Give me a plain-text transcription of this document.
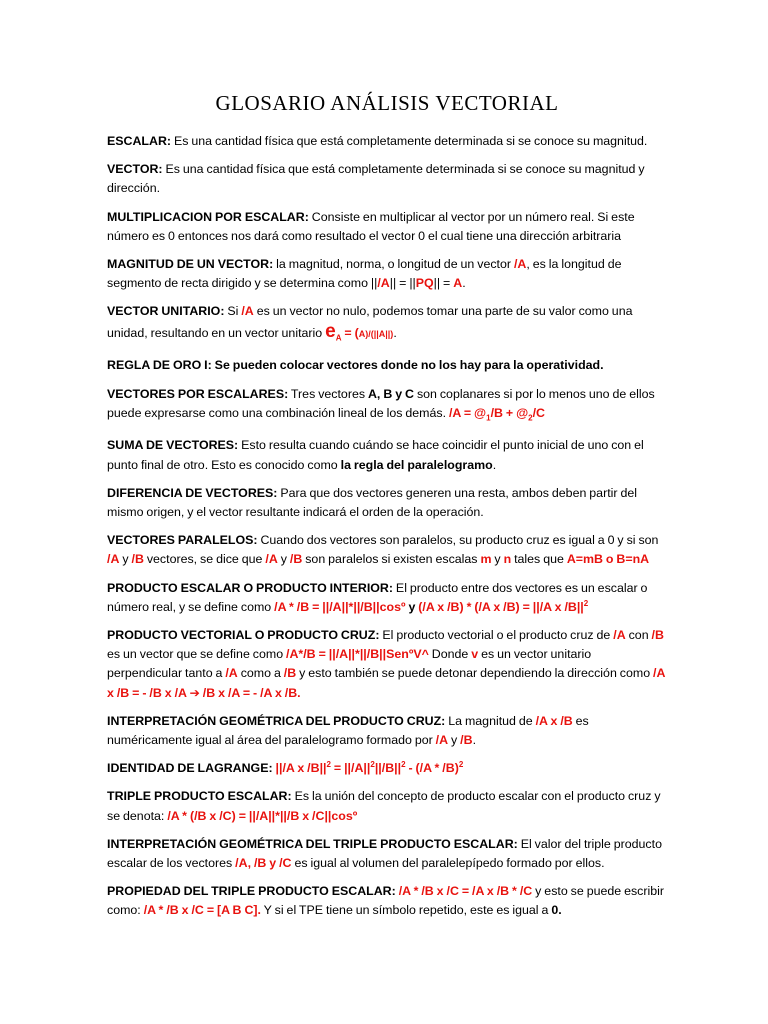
GLOSARIO ANÁLISIS VECTORIAL

ESCALAR: Es una cantidad física que está completamente determinada si se conoce su magnitud.

VECTOR: Es una cantidad física que está completamente determinada si se conoce su magnitud y dirección.

MULTIPLICACION POR ESCALAR: Consiste en multiplicar al vector por un número real. Si este número es 0 entonces nos dará como resultado el vector 0 el cual tiene una dirección arbitraria

MAGNITUD DE UN VECTOR: la magnitud, norma, o longitud de un vector /A, es la longitud de segmento de recta dirigido y se determina como ||/A|| = ||PQ|| = A.

VECTOR UNITARIO: Si /A es un vector no nulo, podemos tomar una parte de su valor como una unidad, resultando en un vector unitario $e_A = (A)/(||A||)$.

REGLA DE ORO I: Se pueden colocar vectores donde no los hay para la operatividad.

VECTORES POR ESCALARES: Tres vectores A, B y C son coplanares si por lo menos uno de ellos puede expresarse como una combinación lineal de los demás. $/A = @_1/B$ + $@_2/C$

SUMA DE VECTORES: Esto resulta cuando cuándo se hace coincidir el punto inicial de uno con el punto final de otro. Esto es conocido como la regla del paralelogramo.

DIFERENCIA DE VECTORES: Para que dos vectores generen una resta, ambos deben partir del mismo origen, y el vector resultante indicará el orden de la operación.

VECTORES PARALELOS: Cuando dos vectores son paralelos, su producto cruz es igual a 0 y si son /A y /B vectores, se dice que /A y /B son paralelos si existen escalas m y n tales que A=mB o B=nA

PRODUCTO ESCALAR O PRODUCTO INTERIOR: El producto entre dos vectores es un escalar o número real, y se define como /A * /B = ||/A||*||/B||cosº y (/A x /B) * (/A x /B) = ||/A x $/B||^2$

PRODUCTO VECTORIAL O PRODUCTO CRUZ: El producto vectorial o el producto cruz de /A con /B es un vector que se define como /A*/B = ||/A||*||/B||SenºV^ Donde v es un vector unitario perpendicular tanto a /A como a /B y esto también se puede detonar dependiendo la dirección como /A x /B = - /B x /A ➔ /B x /A = - /A x /B.

INTERPRETACIÓN GEOMÉTRICA DEL PRODUCTO CRUZ: La magnitud de /A x /B es numéricamente igual al área del paralelogramo formado por /A y /B.

IDENTIDAD DE LAGRANGE: ||/A x $/B||^2 = ||/A||^2||/B||^2 - (/A * /B)^2$

TRIPLE PRODUCTO ESCALAR: Es la unión del concepto de producto escalar con el producto cruz y se denota: /A * (/B x /C) = ||/A||*||/B x /C||cosº

INTERPRETACIÓN GEOMÉTRICA DEL TRIPLE PRODUCTO ESCALAR: El valor del triple producto escalar de los vectores /A, /B y /C es igual al volumen del paralelepípedo formado por ellos.

PROPIEDAD DEL TRIPLE PRODUCTO ESCALAR: /A * /B x /C = /A x /B * /C y esto se puede escribir como: /A * /B x /C = [A B C]. Y si el TPE tiene un símbolo repetido, este es igual a 0.
